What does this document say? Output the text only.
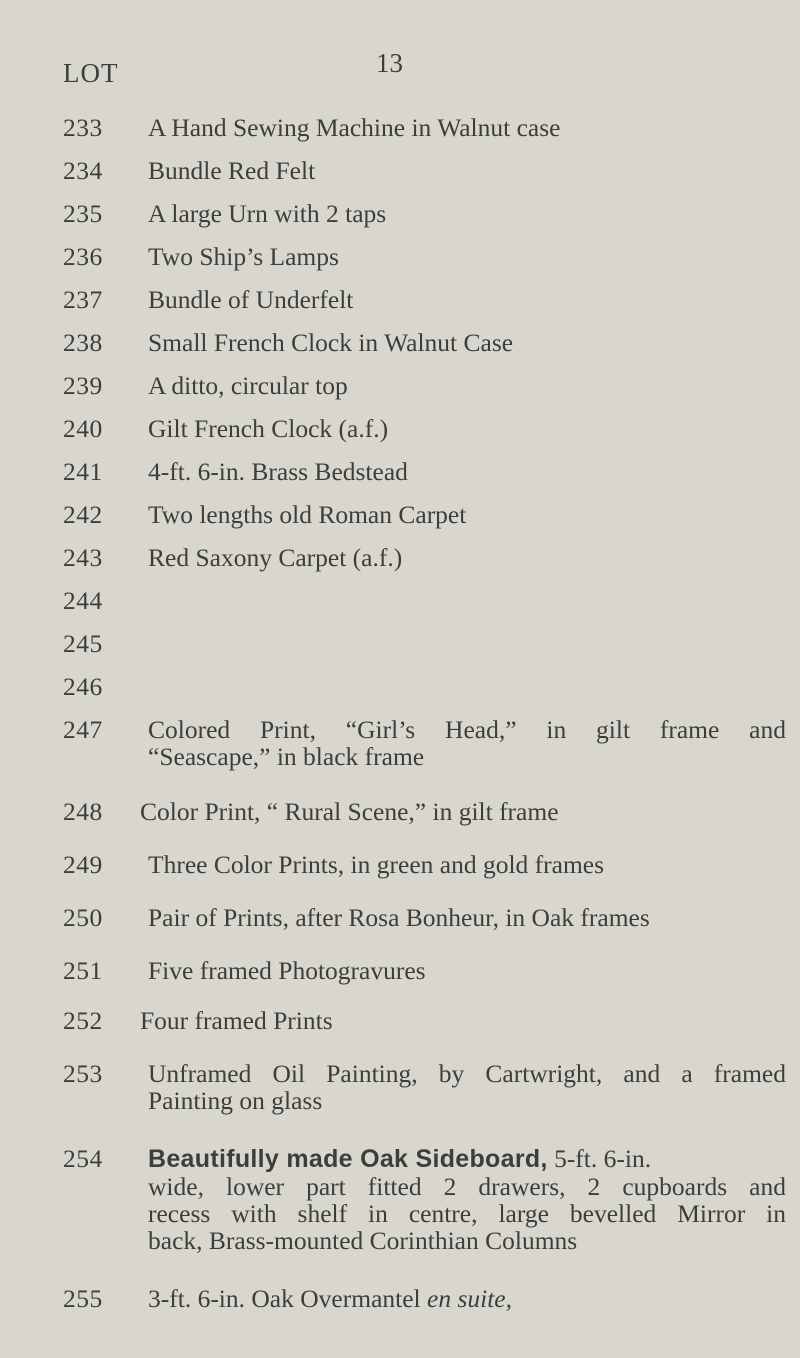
LOT	13
233	A Hand Sewing Machine in Walnut case
234	Bundle Red Felt
235	A large Urn with 2 taps
236	Two Ship’s Lamps
237	Bundle of Underfelt
238	Small French Clock in Walnut Case
239	A ditto, circular top
240	Gilt French Clock (a.f.)
241	4-ft. 6-in. Brass Bedstead
242	Two lengths old Roman Carpet
243	Red Saxony Carpet (a.f.)
244
245
246
247	Colored Print, “Girl’s Head,” in gilt frame and
“Seascape,” in black frame
248	Color Print, “ Rural Scene,” in gilt frame
249	Three Color Prints, in green and gold frames
250	Pair of Prints, after Rosa Bonheur, in Oak frames
251	Five framed Photogravures
252	Four framed Prints
253	Unframed Oil Painting, by Cartwright, and a framed
Painting on glass
254	Beautifully made Oak Sideboard, 5-ft. 6-in.
wide, lower part fitted 2 drawers, 2 cupboards and
recess with shelf in centre, large bevelled Mirror in
back, Brass-mounted Corinthian Columns
255	3-ft. 6-in. Oak Overmantel en suite,
